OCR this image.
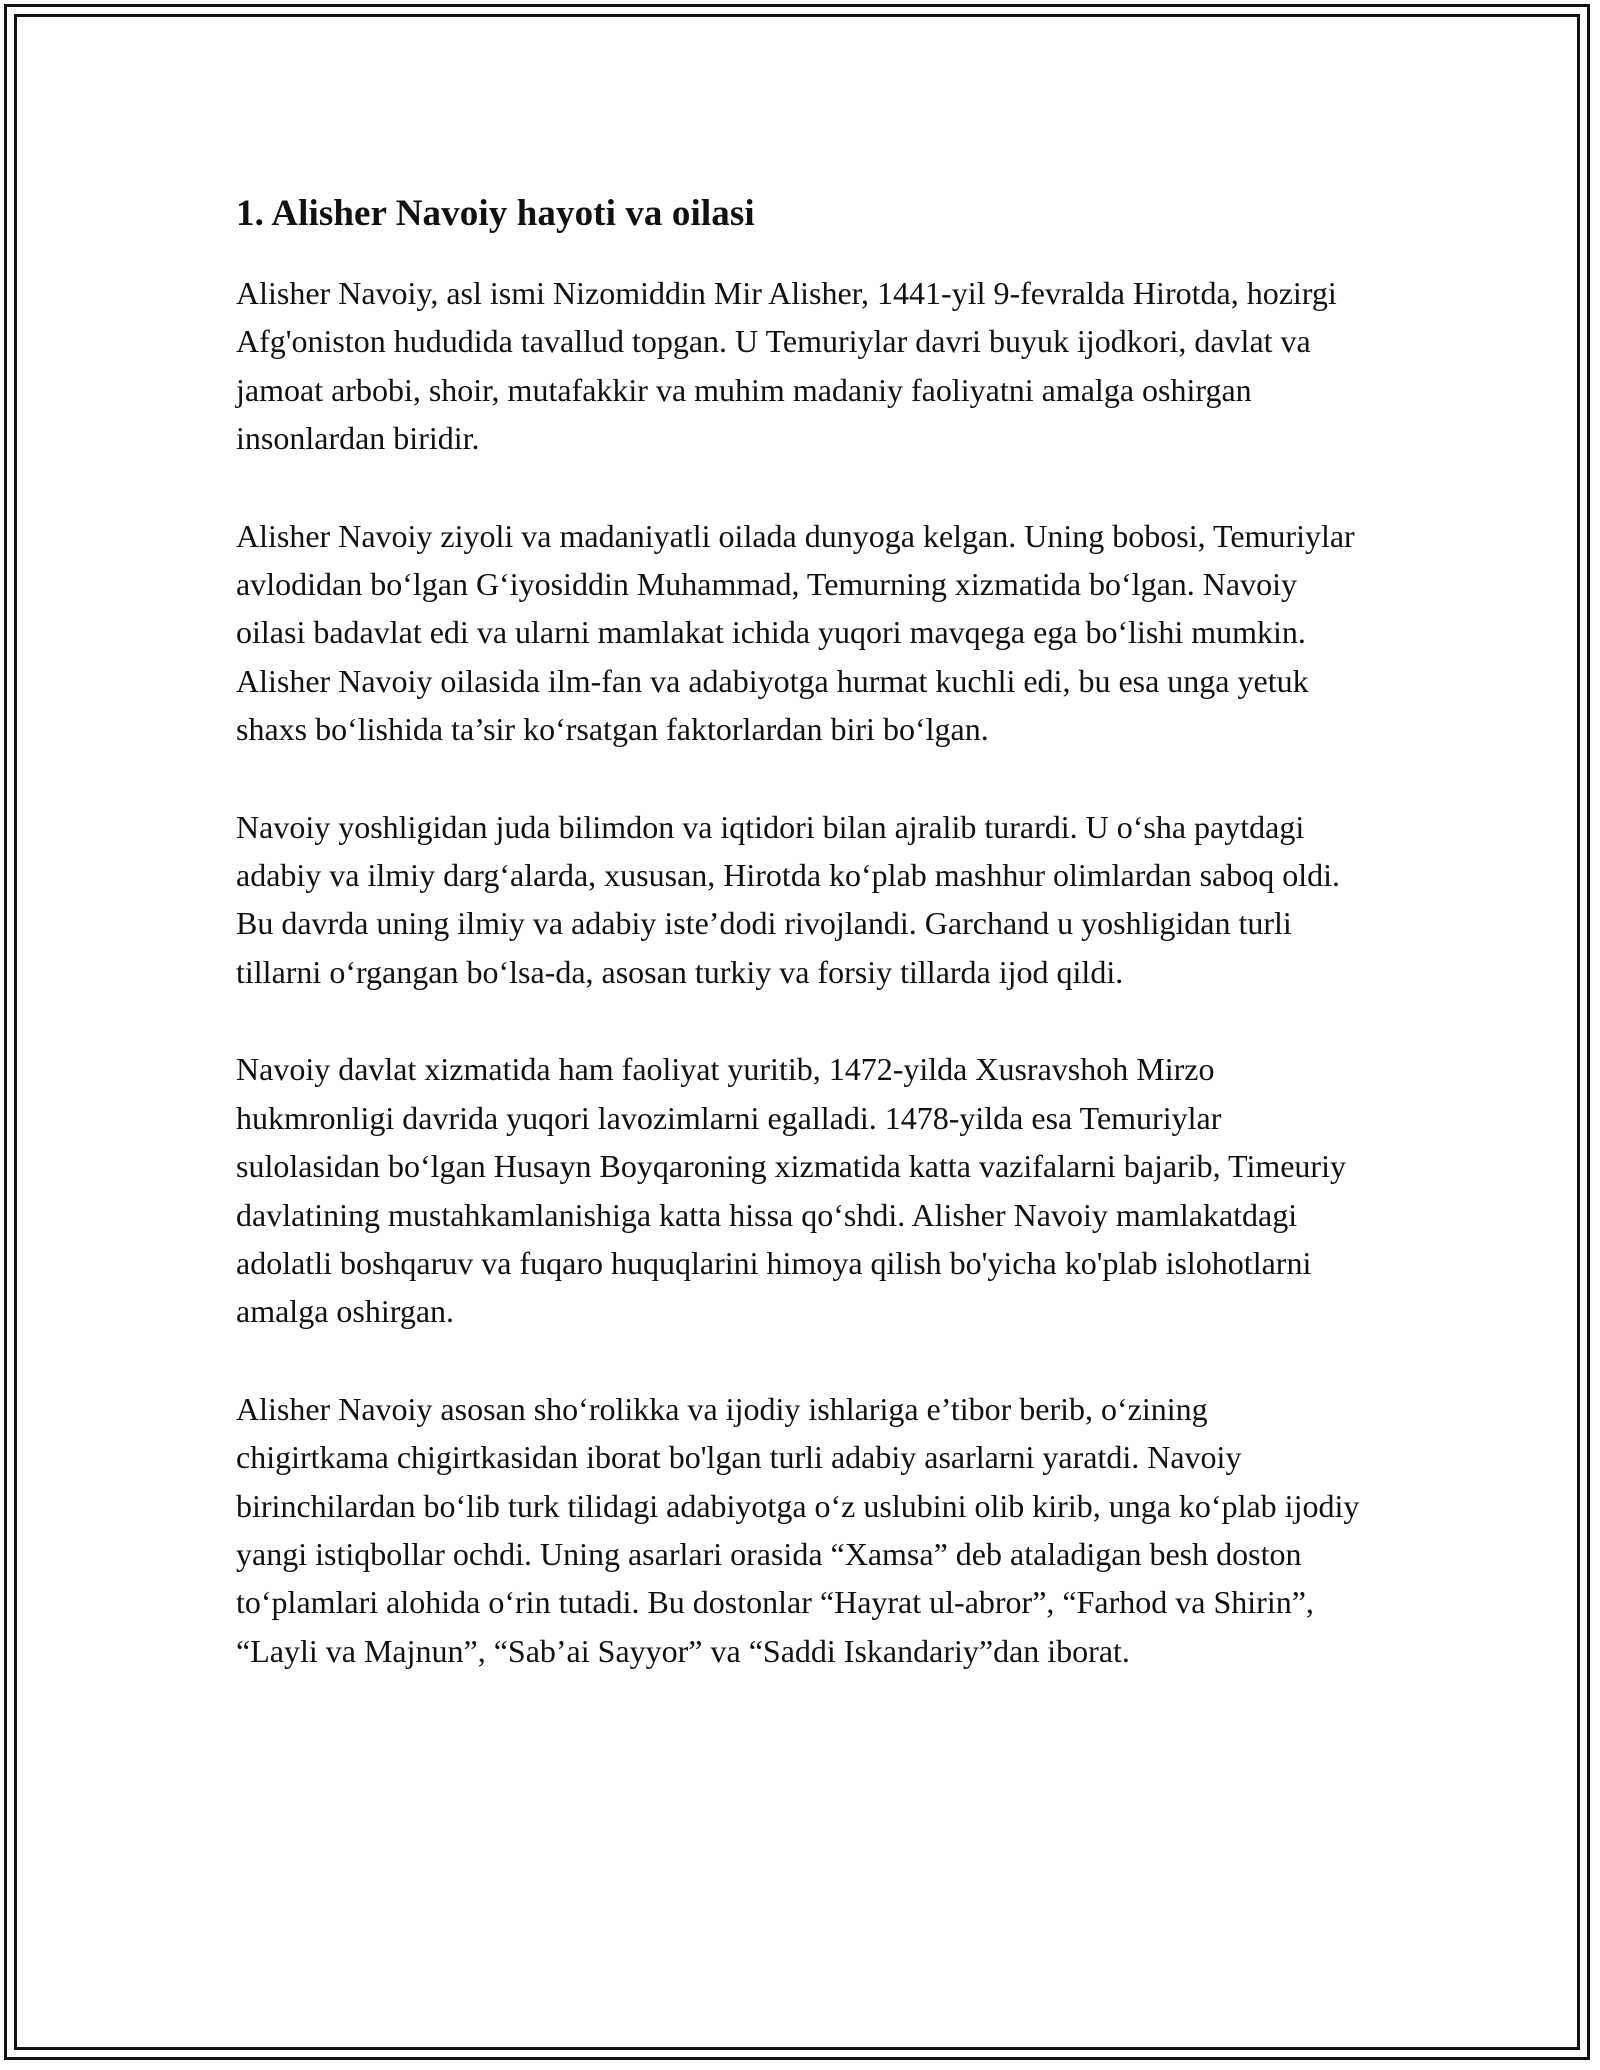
1. Alisher Navoiy hayoti va oilasi

Alisher Navoiy, asl ismi Nizomiddin Mir Alisher, 1441-yil 9-fevralda Hirotda, hozirgi Afg'oniston hududida tavallud topgan. U Temuriylar davri buyuk ijodkori, davlat va jamoat arbobi, shoir, mutafakkir va muhim madaniy faoliyatni amalga oshirgan insonlardan biridir.

Alisher Navoiy ziyoli va madaniyatli oilada dunyoga kelgan. Uning bobosi, Temuriylar avlodidan bo‘lgan G‘iyosiddin Muhammad, Temurning xizmatida bo‘lgan. Navoiy oilasi badavlat edi va ularni mamlakat ichida yuqori mavqega ega bo‘lishi mumkin. Alisher Navoiy oilasida ilm-fan va adabiyotga hurmat kuchli edi, bu esa unga yetuk shaxs bo‘lishida ta’sir ko‘rsatgan faktorlardan biri bo‘lgan.

Navoiy yoshligidan juda bilimdon va iqtidori bilan ajralib turardi. U o‘sha paytdagi adabiy va ilmiy darg‘alarda, xususan, Hirotda ko‘plab mashhur olimlardan saboq oldi. Bu davrda uning ilmiy va adabiy iste’dodi rivojlandi. Garchand u yoshligidan turli tillarni o‘rgangan bo‘lsa-da, asosan turkiy va forsiy tillarda ijod qildi.

Navoiy davlat xizmatida ham faoliyat yuritib, 1472-yilda Xusravshoh Mirzo hukmronligi davrida yuqori lavozimlarni egalladi. 1478-yilda esa Temuriylar sulolasidan bo‘lgan Husayn Boyqaroning xizmatida katta vazifalarni bajarib, Timeuriy davlatining mustahkamlanishiga katta hissa qo‘shdi. Alisher Navoiy mamlakatdagi adolatli boshqaruv va fuqaro huquqlarini himoya qilish bo'yicha ko'plab islohotlarni amalga oshirgan.

Alisher Navoiy asosan sho‘rolikka va ijodiy ishlariga e’tibor berib, o‘zining chigirtkama chigirtkasidan iborat bo'lgan turli adabiy asarlarni yaratdi. Navoiy birinchilardan bo‘lib turk tilidagi adabiyotga o‘z uslubini olib kirib, unga ko‘plab ijodiy yangi istiqbollar ochdi. Uning asarlari orasida “Xamsa” deb ataladigan besh doston to‘plamlari alohida o‘rin tutadi. Bu dostonlar “Hayrat ul-abror”, “Farhod va Shirin”, “Layli va Majnun”, “Sab’ai Sayyor” va “Saddi Iskandariy”dan iborat.
